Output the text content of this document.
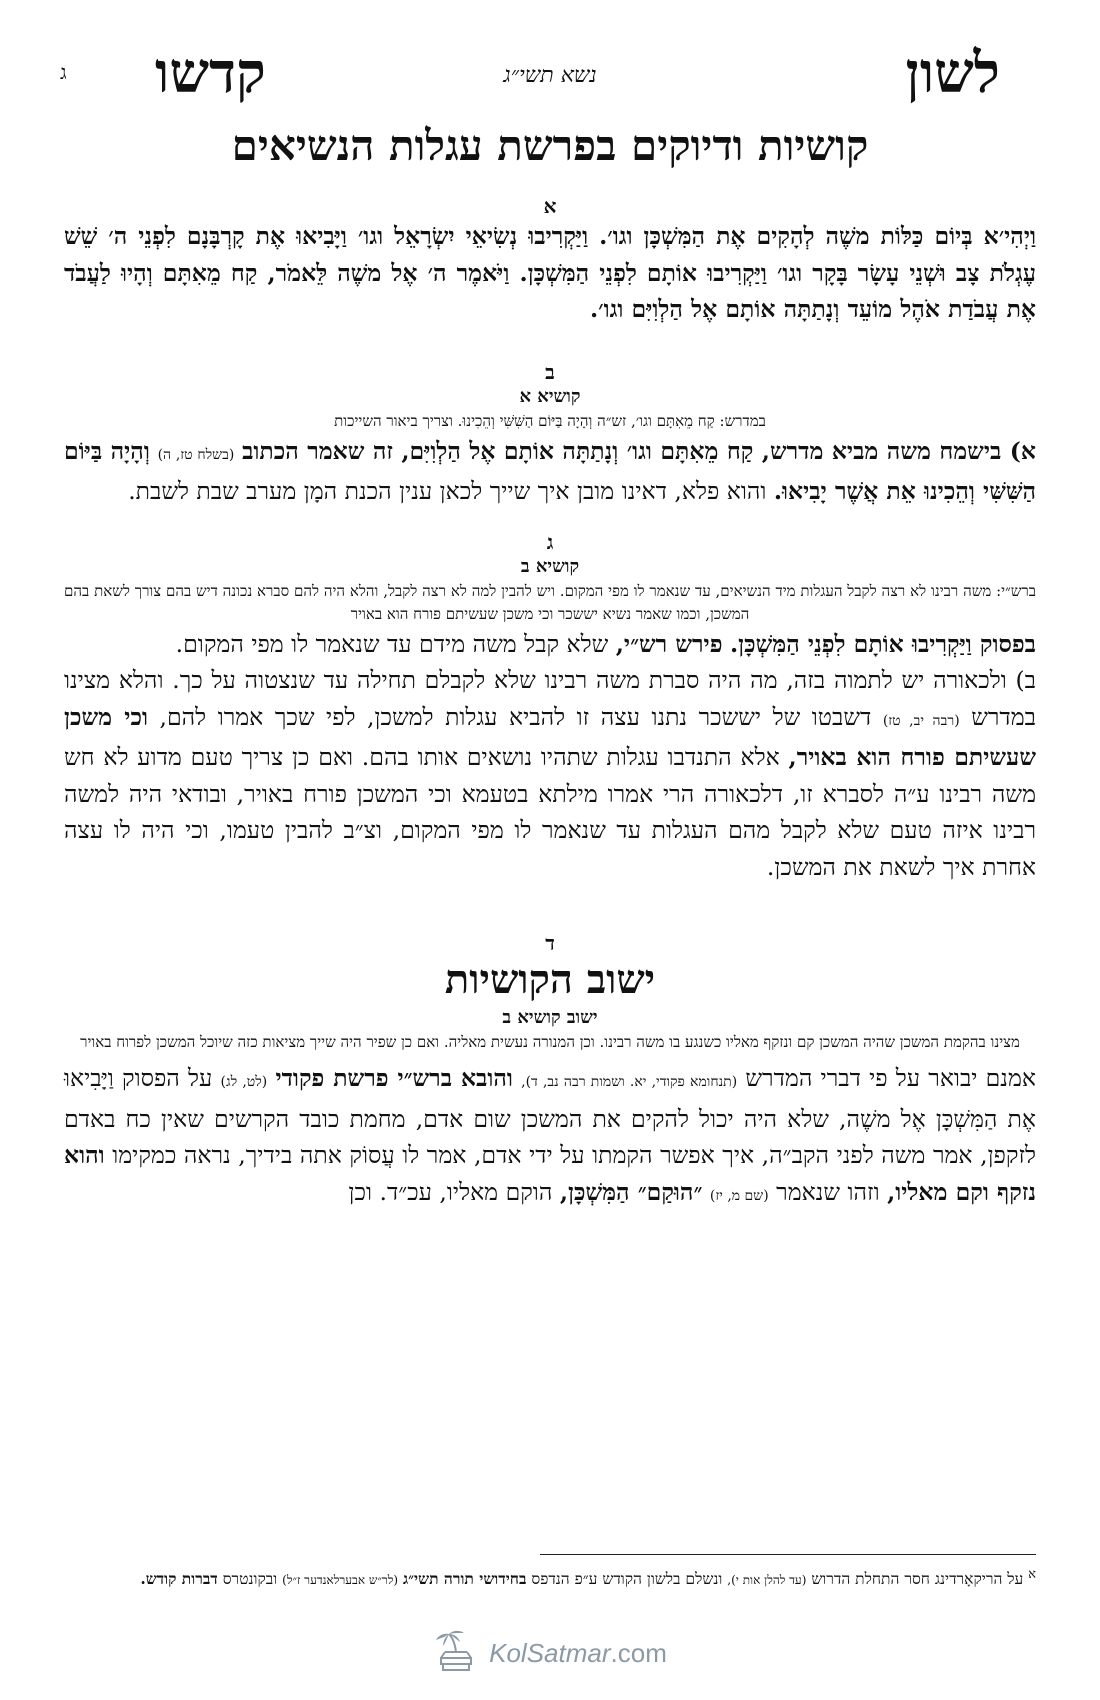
ג קדשו	נשא תשי״ג	לשון
קושיות ודיוקים בפרשת עגלות הנשיאים
א

וַיְהִי׳א בְּיוֹם כַּלּוֹת משֶׁה לְהָקִים אֶת הַמִּשְׁכָּן וגו׳. וַיַּקְרִיבוּ נְשִׂיאֵי יִשְׂרָאֵל וגו׳ וַיָּבִיאוּ אֶת קָרְבָּנָם לִפְנֵי ה׳ שֵׁשׁ עֶגְלֹת צָב וּשְׁנֵי עָשָׂר בָּקָר וגו׳ וַיַּקְרִיבוּ אוֹתָם לִפְנֵי הַמִּשְׁכָּן. וַיֹּאמֶר ה׳ אֶל משֶׁה לֵּאמֹר, קַח מֵאִתָּם וְהָיוּ לַעֲבֹד אֶת עֲבֹדַת אֹהֶל מוֹעֵד וְנָתַתָּה אוֹתָם אֶל הַלְוִיִּם וגו׳.

ב
קושיא א
במדרש: קַח מֵאִתָּם וגו׳, זש״ה וְהָיָה בַּיּוֹם הַשִּׁשִּׁי וְהֵכִינוּ. וצריך ביאור השייכות

א) בישמח משה מביא מדרש, קַח מֵאִתָּם וגו׳ וְנָתַתָּה אוֹתָם אֶל הַלְוִיִּם, זה שאמר הכתוב (בשלח טז, ה) וְהָיָה בַּיּוֹם הַשִּׁשִּׁי וְהֵכִינוּ אֵת אֲשֶׁר יָבִיאוּ. והוא פלא, דאינו מובן איך שייך לכאן ענין הכנת המָן מערב שבת לשבת.

ג
קושיא ב
ברש״י: משה רבינו לא רצה לקבל העגלות מיד הנשיאים, עד שנאמר לו מפי המקום. ויש להבין למה לא רצה לקבל, והלא היה להם סברא נכונה דיש בהם צורך לשאת בהם המשכן, וכמו שאמר נשיא יששכר וכי משכן שעשיתם פורח הוא באויר

בפסוק וַיַּקְרִיבוּ אוֹתָם לִפְנֵי הַמִּשְׁכָּן. פירש רש״י, שלא קבל משה מידם עד שנאמר לו מפי המקום.

ב) ולכאורה יש לתמוה בזה, מה היה סברת משה רבינו שלא לקבלם תחילה עד שנצטוה על כך. והלא מצינו במדרש (רבה יב, טז) דשבטו של יששכר נתנו עצה זו להביא עגלות למשכן, לפי שכך אמרו להם, וכי משכן שעשיתם פורח הוא באויר, אלא התנדבו עגלות שתהיו נושאים אותו בהם. ואם כן צריך טעם מדוע לא חש משה רבינו ע״ה לסברא זו, דלכאורה הרי אמרו מילתא בטעמא וכי המשכן פורח באויר, ובודאי היה למשה רבינו איזה טעם שלא לקבל מהם העגלות עד שנאמר לו מפי המקום, וצ״ב להבין טעמו, וכי היה לו עצה אחרת איך לשאת את המשכן.

ד
ישוב הקושיות
ישוב קושיא ב
מצינו בהקמת המשכן שהיה המשכן קם ונזקף מאליו כשנגע בו משה רבינו. וכן המנורה נעשית מאליה. ואם כן שפיר היה שייך מציאות כזה שיוכל המשכן לפרוח באויר

אמנם יבואר על פי דברי המדרש (תנחומא פקודי, יא. ושמות רבה נב, ד), והובא ברש״י פרשת פקודי (לט, לג) על הפסוק וַיָּבִיאוּ אֶת הַמִּשְׁכָּן אֶל משֶׁה, שלא היה יכול להקים את המשכן שום אדם, מחמת כובד הקרשים שאין כח באדם לזקפן, אמר משה לפני הקב״ה, איך אפשר הקמתו על ידי אדם, אמר לו עֲסוֹק אתה בידיך, נראה כמקימו והוא נזקף וקם מאליו, וזהו שנאמר (שם מ, יז) ״הוּקַם״ הַמִּשְׁכָּן, הוקם מאליו, עכ״ד. וכן

$^א$ על הריקאָרדינג חסר התחלת הדרוש (עד להלן אות י), ונשלם בלשון הקודש ע״פ הנדפס בחידושי תורה תשי״ג (לר״ש אבערלאנדער ז״ל) ובקונטרס דברות קודש.
KolSatmar.com
